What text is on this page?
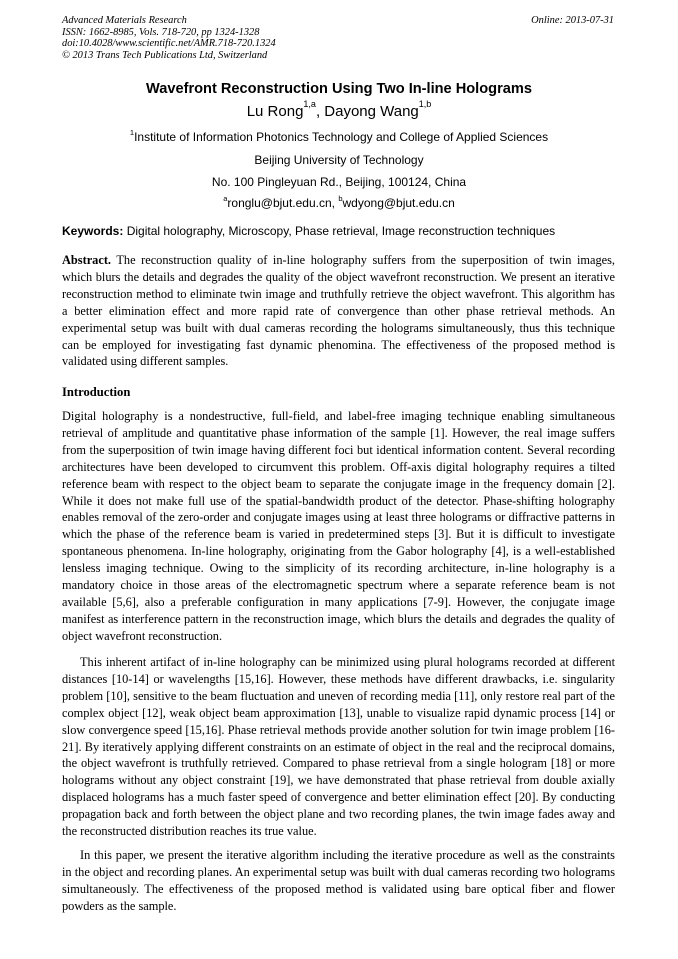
Advanced Materials Research
ISSN: 1662-8985, Vols. 718-720, pp 1324-1328
doi:10.4028/www.scientific.net/AMR.718-720.1324
© 2013 Trans Tech Publications Ltd, Switzerland
Online: 2013-07-31
Wavefront Reconstruction Using Two In-line Holograms
Lu Rong$^{1,a}$, Dayong Wang$^{1,b}$
$^1$Institute of Information Photonics Technology and College of Applied Sciences
Beijing University of Technology
No. 100 Pingleyuan Rd., Beijing, 100124, China
$^a$ronglu@bjut.edu.cn, $^b$wdyong@bjut.edu.cn
Keywords: Digital holography, Microscopy, Phase retrieval, Image reconstruction techniques
Abstract. The reconstruction quality of in-line holography suffers from the superposition of twin images, which blurs the details and degrades the quality of the object wavefront reconstruction. We present an iterative reconstruction method to eliminate twin image and truthfully retrieve the object wavefront. This algorithm has a better elimination effect and more rapid rate of convergence than other phase retrieval methods. An experimental setup was built with dual cameras recording the holograms simultaneously, thus this technique can be employed for investigating fast dynamic phenomina. The effectiveness of the proposed method is validated using different samples.
Introduction
Digital holography is a nondestructive, full-field, and label-free imaging technique enabling simultaneous retrieval of amplitude and quantitative phase information of the sample [1]. However, the real image suffers from the superposition of twin image having different foci but identical information content. Several recording architectures have been developed to circumvent this problem. Off-axis digital holography requires a tilted reference beam with respect to the object beam to separate the conjugate image in the frequency domain [2]. While it does not make full use of the spatial-bandwidth product of the detector. Phase-shifting holography enables removal of the zero-order and conjugate images using at least three holograms or diffractive patterns in which the phase of the reference beam is varied in predetermined steps [3]. But it is difficult to investigate spontaneous phenomena. In-line holography, originating from the Gabor holography [4], is a well-established lensless imaging technique. Owing to the simplicity of its recording architecture, in-line holography is a mandatory choice in those areas of the electromagnetic spectrum where a separate reference beam is not available [5,6], also a preferable configuration in many applications [7-9]. However, the conjugate image manifest as interference pattern in the reconstruction image, which blurs the details and degrades the quality of object wavefront reconstruction.
This inherent artifact of in-line holography can be minimized using plural holograms recorded at different distances [10-14] or wavelengths [15,16]. However, these methods have different drawbacks, i.e. singularity problem [10], sensitive to the beam fluctuation and uneven of recording media [11], only restore real part of the complex object [12], weak object beam approximation [13], unable to visualize rapid dynamic process [14] or slow convergence speed [15,16]. Phase retrieval methods provide another solution for twin image problem [16-21]. By iteratively applying different constraints on an estimate of object in the real and the reciprocal domains, the object wavefront is truthfully retrieved. Compared to phase retrieval from a single hologram [18] or more holograms without any object constraint [19], we have demonstrated that phase retrieval from double axially displaced holograms has a much faster speed of convergence and better elimination effect [20]. By conducting propagation back and forth between the object plane and two recording planes, the twin image fades away and the reconstructed distribution reaches its true value.
In this paper, we present the iterative algorithm including the iterative procedure as well as the constraints in the object and recording planes. An experimental setup was built with dual cameras recording two holograms simultaneously. The effectiveness of the proposed method is validated using bare optical fiber and flower powders as the sample.
